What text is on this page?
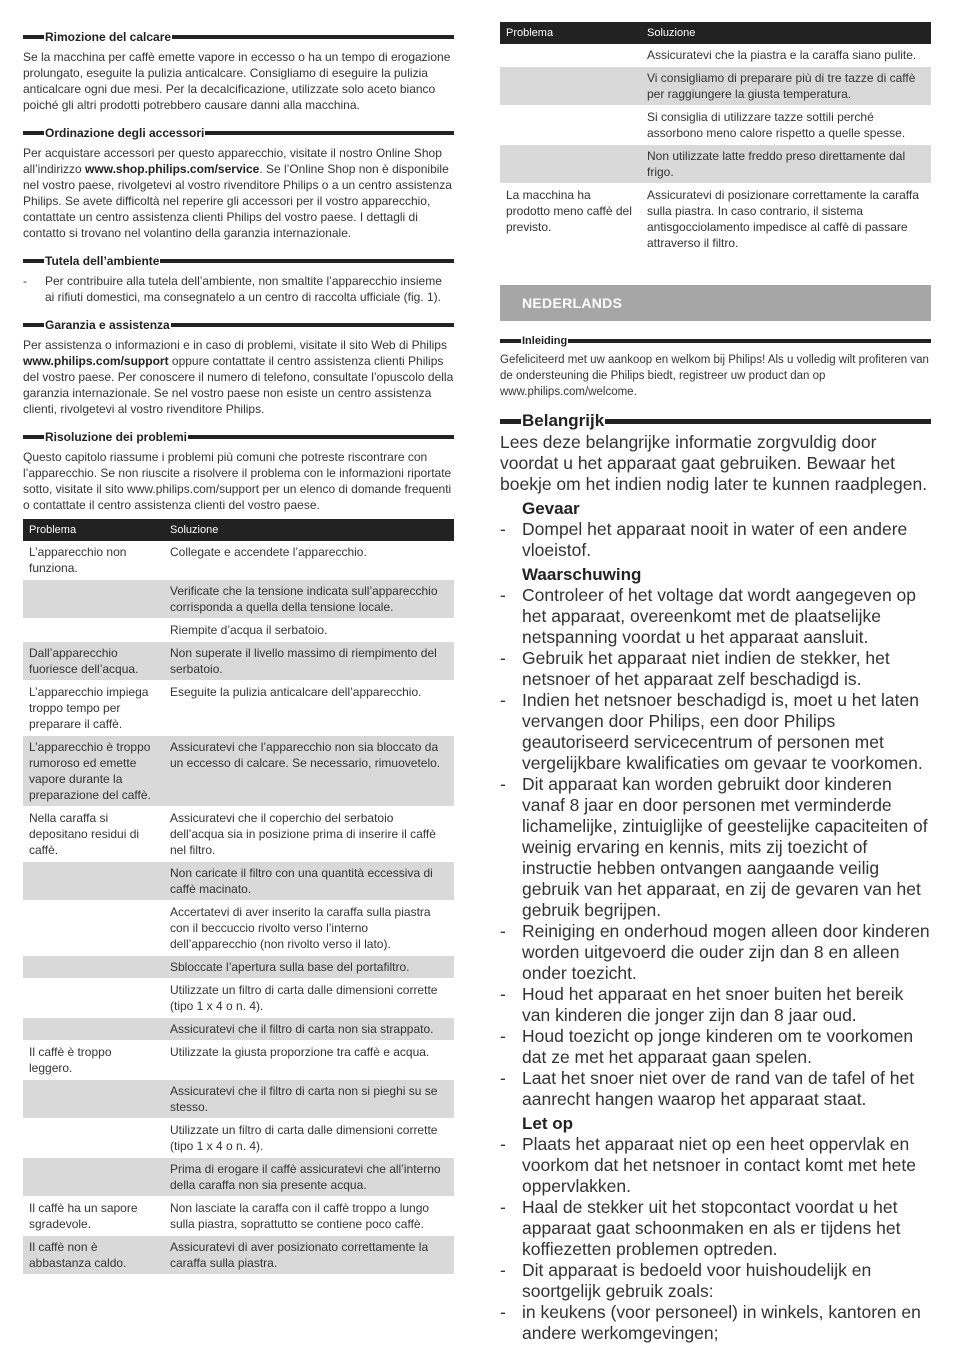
Rimozione del calcare

Se la macchina per caffè emette vapore in eccesso o ha un tempo di erogazione prolungato, eseguite la pulizia anticalcare. Consigliamo di eseguire la pulizia anticalcare ogni due mesi. Per la decalcificazione, utilizzate solo aceto bianco poiché gli altri prodotti potrebbero causare danni alla macchina.

Ordinazione degli accessori

Per acquistare accessori per questo apparecchio, visitate il nostro Online Shop all’indirizzo www.shop.philips.com/service. Se l’Online Shop non è disponibile nel vostro paese, rivolgetevi al vostro rivenditore Philips o a un centro assistenza Philips. Se avete difficoltà nel reperire gli accessori per il vostro apparecchio, contattate un centro assistenza clienti Philips del vostro paese. I dettagli di contatto si trovano nel volantino della garanzia internazionale.

Tutela dell’ambiente
- Per contribuire alla tutela dell’ambiente, non smaltite l’apparecchio insieme ai rifiuti domestici, ma consegnatelo a un centro di raccolta ufficiale (fig. 1).
Garanzia e assistenza

Per assistenza o informazioni e in caso di problemi, visitate il sito Web di Philips www.philips.com/support oppure contattate il centro assistenza clienti Philips del vostro paese. Per conoscere il numero di telefono, consultate l’opuscolo della garanzia internazionale. Se nel vostro paese non esiste un centro assistenza clienti, rivolgetevi al vostro rivenditore Philips.

Risoluzione dei problemi

Questo capitolo riassume i problemi più comuni che potreste riscontrare con l’apparecchio. Se non riuscite a risolvere il problema con le informazioni riportate sotto, visitate il sito www.philips.com/support per un elenco di domande frequenti o contattate il centro assistenza clienti del vostro paese.

Problema	Soluzione
L’apparecchio non funziona.	Collegate e accendete l’apparecchio.
	Verificate che la tensione indicata sull’apparecchio corrisponda a quella della tensione locale.
	Riempite d’acqua il serbatoio.
Dall’apparecchio fuoriesce dell’acqua.	Non superate il livello massimo di riempimento del serbatoio.
L’apparecchio impiega troppo tempo per preparare il caffè.	Eseguite la pulizia anticalcare dell’apparecchio.
L’apparecchio è troppo rumoroso ed emette vapore durante la preparazione del caffè.	Assicuratevi che l’apparecchio non sia bloccato da un eccesso di calcare. Se necessario, rimuovetelo.
Nella caraffa si depositano residui di caffè.	Assicuratevi che il coperchio del serbatoio dell’acqua sia in posizione prima di inserire il caffè nel filtro.
	Non caricate il filtro con una quantità eccessiva di caffè macinato.
	Accertatevi di aver inserito la caraffa sulla piastra con il beccuccio rivolto verso l’interno dell’apparecchio (non rivolto verso il lato).
	Sbloccate l’apertura sulla base del portafiltro.
	Utilizzate un filtro di carta dalle dimensioni corrette (tipo 1 x 4 o n. 4).
	Assicuratevi che il filtro di carta non sia strappato.
Il caffè è troppo leggero.	Utilizzate la giusta proporzione tra caffè e acqua.
	Assicuratevi che il filtro di carta non si pieghi su se stesso.
	Utilizzate un filtro di carta dalle dimensioni corrette (tipo 1 x 4 o n. 4).
	Prima di erogare il caffè assicuratevi che all’interno della caraffa non sia presente acqua.
Il caffè ha un sapore sgradevole.	Non lasciate la caraffa con il caffè troppo a lungo sulla piastra, soprattutto se contiene poco caffè.
Il caffè non è abbastanza caldo.	Assicuratevi di aver posizionato correttamente la caraffa sulla piastra.
Problema	Soluzione
	Assicuratevi che la piastra e la caraffa siano pulite.
	Vi consigliamo di preparare più di tre tazze di caffè per raggiungere la giusta temperatura.
	Si consiglia di utilizzare tazze sottili perché assorbono meno calore rispetto a quelle spesse.
	Non utilizzate latte freddo preso direttamente dal frigo.
La macchina ha prodotto meno caffè del previsto.	Assicuratevi di posizionare correttamente la caraffa sulla piastra. In caso contrario, il sistema antisgocciolamento impedisce al caffè di passare attraverso il filtro.
NEDERLANDS
Inleiding

Gefeliciteerd met uw aankoop en welkom bij Philips! Als u volledig wilt profiteren van de ondersteuning die Philips biedt, registreer uw product dan op www.philips.com/welcome.

Belangrijk
Lees deze belangrijke informatie zorgvuldig door voordat u het apparaat gaat gebruiken. Bewaar het boekje om het indien nodig later te kunnen raadplegen.
Gevaar
- Dompel het apparaat nooit in water of een andere vloeistof.
Waarschuwing
- Controleer of het voltage dat wordt aangegeven op het apparaat, overeenkomt met de plaatselijke netspanning voordat u het apparaat aansluit.
- Gebruik het apparaat niet indien de stekker, het netsnoer of het apparaat zelf beschadigd is.
- Indien het netsnoer beschadigd is, moet u het laten vervangen door Philips, een door Philips geautoriseerd servicecentrum of personen met vergelijkbare kwalificaties om gevaar te voorkomen.
- Dit apparaat kan worden gebruikt door kinderen vanaf 8 jaar en door personen met verminderde lichamelijke, zintuiglijke of geestelijke capaciteiten of weinig ervaring en kennis, mits zij toezicht of instructie hebben ontvangen aangaande veilig gebruik van het apparaat, en zij de gevaren van het gebruik begrijpen.
- Reiniging en onderhoud mogen alleen door kinderen worden uitgevoerd die ouder zijn dan 8 en alleen onder toezicht.
- Houd het apparaat en het snoer buiten het bereik van kinderen die jonger zijn dan 8 jaar oud.
- Houd toezicht op jonge kinderen om te voorkomen dat ze met het apparaat gaan spelen.
- Laat het snoer niet over de rand van de tafel of het aanrecht hangen waarop het apparaat staat.
Let op
- Plaats het apparaat niet op een heet oppervlak en voorkom dat het netsnoer in contact komt met hete oppervlakken.
- Haal de stekker uit het stopcontact voordat u het apparaat gaat schoonmaken en als er tijdens het koffiezetten problemen optreden.
- Dit apparaat is bedoeld voor huishoudelijk en soortgelijk gebruik zoals:
- in keukens (voor personeel) in winkels, kantoren en andere werkomgevingen;
